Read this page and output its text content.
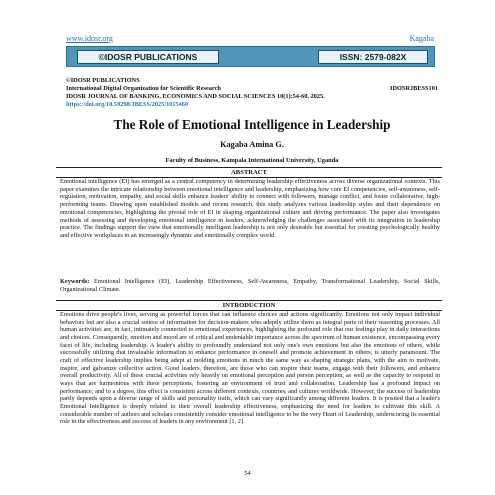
www.idosr.org	Kagaba
©IDOSR PUBLICATIONS	ISSN: 2579-082X
©IDOSR PUBLICATIONS
International Digital Organization for Scientific Research	IDOSRJBESS101
IDOSR JOURNAL OF BANKING, ECONOMICS AND SOCIAL SCIENCES 10(1):54-60, 2025.
https://doi.org/10.59298/JBESS/2025/1015460
The Role of Emotional Intelligence in Leadership
Kagaba Amina G.
Faculty of Business, Kampala International University, Uganda
ABSTRACT
Emotional intelligence (EI) has emerged as a central competency in determining leadership effectiveness across diverse organizational contexts. This paper examines the intricate relationship between emotional intelligence and leadership, emphasizing how core EI competencies, self-awareness, self-regulation, motivation, empathy, and social skills enhance leaders' ability to connect with followers, manage conflict, and foster collaborative, high-performing teams. Drawing upon established models and recent research, this study analyzes various leadership styles and their dependence on emotional competencies, highlighting the pivotal role of EI in shaping organizational culture and driving performance. The paper also investigates methods of assessing and developing emotional intelligence in leaders, acknowledging the challenges associated with its integration in leadership practice. The findings support the view that emotionally intelligent leadership is not only desirable but essential for creating psychologically healthy and effective workplaces in an increasingly dynamic and emotionally complex world.
Keywords: Emotional Intelligence (EI), Leadership Effectiveness, Self-Awareness, Empathy, Transformational Leadership, Social Skills, Organizational Climate.
INTRODUCTION
Emotions drive people's lives, serving as powerful forces that can influence choices and actions significantly. Emotions not only impact individual behaviors but are also a crucial source of information for decision-makers who adeptly utilize them as integral parts of their reasoning processes. All human activities are, in fact, intimately connected to emotional experiences, highlighting the profound role that our feelings play in daily interactions and choices. Consequently, emotion and mood are of critical and undeniable importance across the spectrum of human existence, encompassing every facet of life, including leadership. A leader's ability to profoundly understand not only one's own emotions but also the emotions of others, while successfully utilizing that invaluable information to enhance performance in oneself and promote achievement in others, is utterly paramount. The craft of effective leadership implies being adept at molding emotions in much the same way as shaping strategic plans, with the aim to motivate, inspire, and galvanize collective action. Good leaders, therefore, are those who can inspire their teams, engage with their followers, and enhance overall productivity. All of these crucial activities rely heavily on emotional perception and person perception, as well as the capacity to respond in ways that are harmonious with these perceptions, fostering an environment of trust and collaboration. Leadership has a profound impact on performance, and to a degree, this effect is consistent across different contexts, countries, and cultures worldwide. However, the success of leadership partly depends upon a diverse range of skills and personality traits, which can vary significantly among different leaders. It is posited that a leader's Emotional Intelligence is deeply related to their overall leadership effectiveness, emphasizing the need for leaders to cultivate this skill. A considerable number of authors and scholars consistently consider emotional intelligence to be the very Heart of Leadership, underscoring its essential role in the effectiveness and success of leaders in any environment [1, 2].
54
